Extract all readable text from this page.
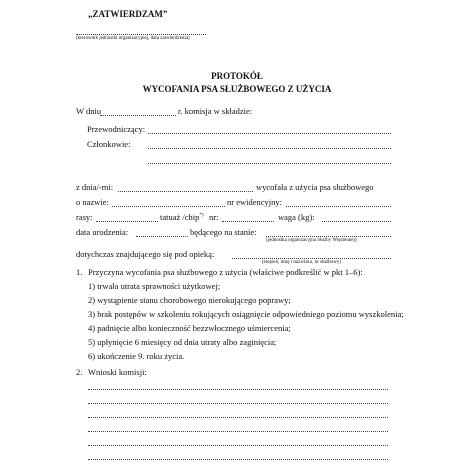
„ZATWIERDZAM”
(kierownik jednostki organizacyjnej, data zatwierdzenia)
PROTOKÓŁ
WYCOFANIA PSA SŁUŻBOWEGO Z UŻYCIA
W dniu	r. komisja w składzie:
Przewodniczący:
Członkowie:
z dnia/-mi:	wycofała z użycia psa służbowego
o nazwie:	nr ewidencyjny:
rasy:	tatuaż /chip*) nr:	waga (kg):
data urodzenia:	będącego na stanie:
(jednostka organizacyjna Służby Więziennej)
dotychczas znajdującego się pod opieką:
(stopień, imię i nazwisko, nr służbowy)
1. Przyczyna wycofania psa służbowego z użycia (właściwe podkreślić w pkt 1–6):
1) trwała utrata sprawności użytkowej;
2) wystąpienie stanu chorobowego nierokującego poprawy;
3) brak postępów w szkoleniu rokujących osiągnięcie odpowiedniego poziomu wyszkolenia;
4) padnięcie albo konieczność bezzwłocznego uśmiercenia;
5) upłynięcie 6 miesięcy od dnia utraty albo zaginięcia;
6) ukończenie 9. roku życia.
2. Wnioski komisji:
